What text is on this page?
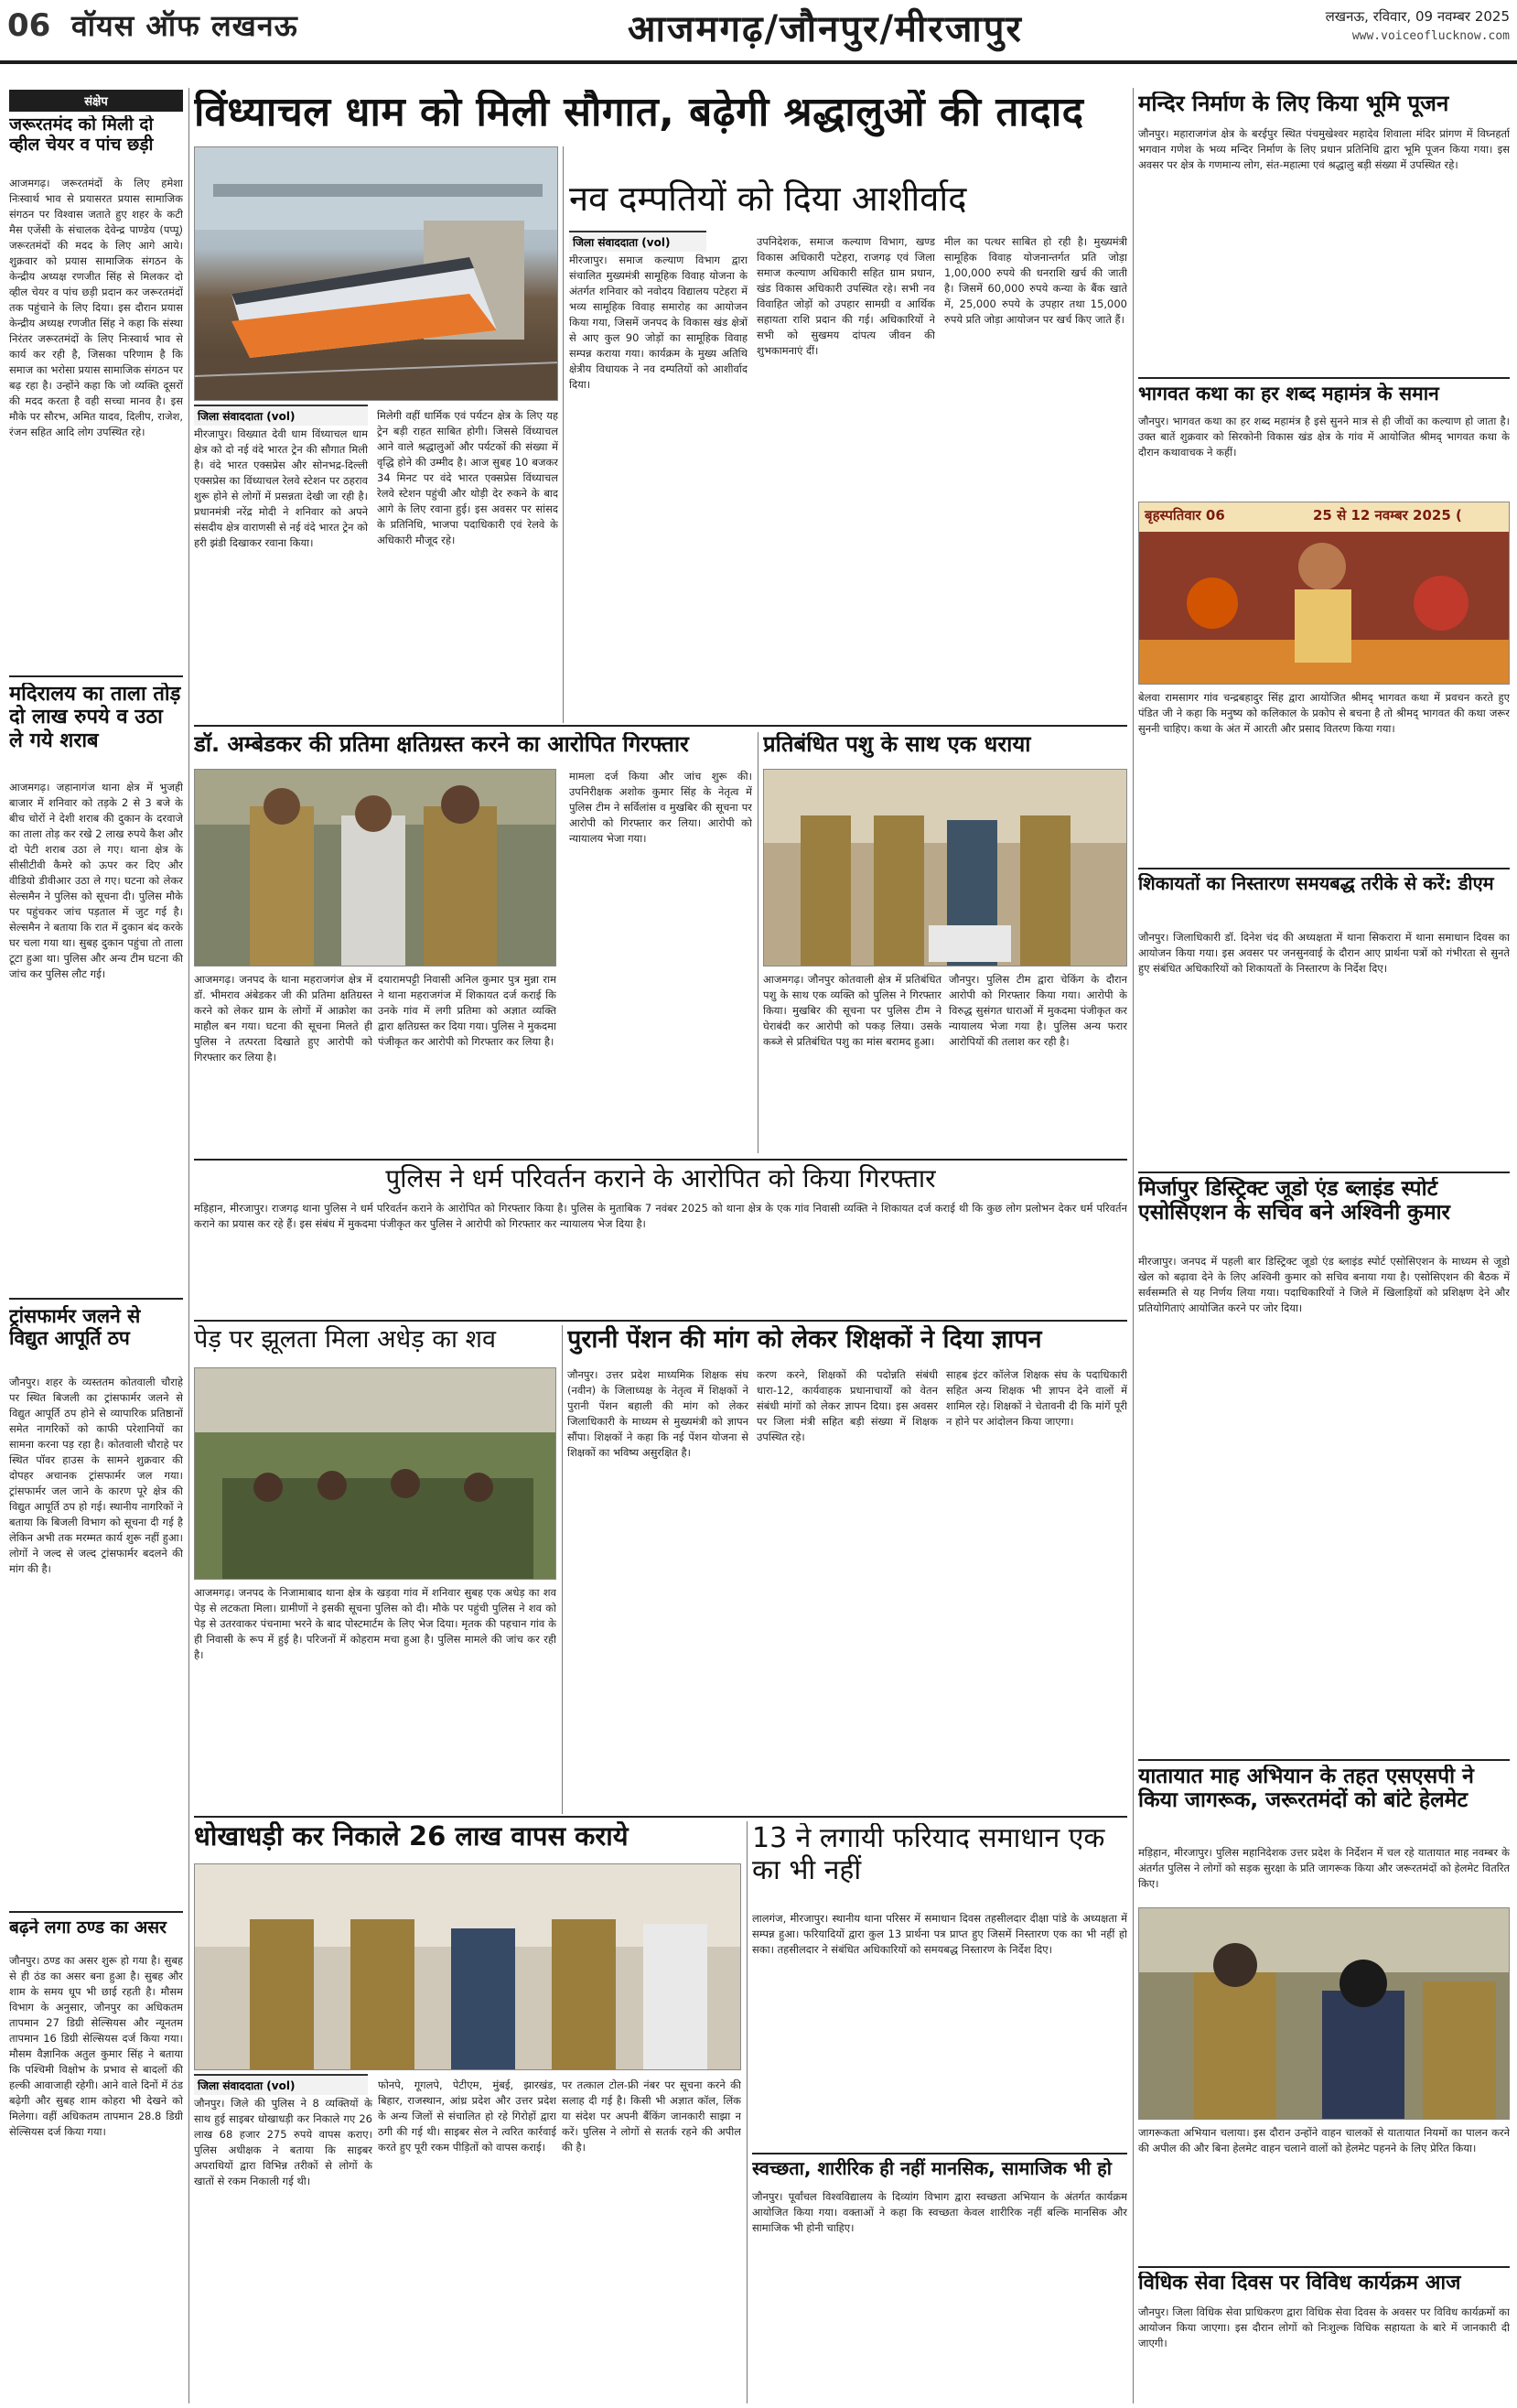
06 वॉयस ऑफ लखनऊ	आजमगढ़/जौनपुर/मीरजापुर	लखनऊ, रविवार, 09 नवम्बर 2025
www.voiceoflucknow.com
संक्षेप
जरूरतमंद को मिली दो व्हील चेयर व पांच छड़ी
आजमगढ़। जरूरतमंदों के लिए हमेशा निःस्वार्थ भाव से प्रयासरत प्रयास सामाजिक संगठन पर विश्वास जताते हुए शहर के कटी मैस एजेंसी के संचालक देवेन्द्र पाण्डेय (पप्पू) जरूरतमंदों की मदद के लिए आगे आये। शुक्रवार को प्रयास सामाजिक संगठन के केन्द्रीय अध्यक्ष रणजीत सिंह से मिलकर दो व्हील चेयर व पांच छड़ी प्रदान कर जरूरतमंदों तक पहुंचाने के लिए दिया। इस दौरान प्रयास केन्द्रीय अध्यक्ष रणजीत सिंह ने कहा कि संस्था निरंतर जरूरतमंदों के लिए निःस्वार्थ भाव से कार्य कर रही है, जिसका परिणाम है कि समाज का भरोसा प्रयास सामाजिक संगठन पर बढ़ रहा है। उन्होंने कहा कि जो व्यक्ति दूसरों की मदद करता है वही सच्चा मानव है। इस मौके पर सौरभ, अमित यादव, दिलीप, राजेश, रंजन सहित आदि लोग उपस्थित रहे।
मदिरालय का ताला तोड़ दो लाख रुपये व उठा ले गये शराब
आजमगढ़। जहानागंज थाना क्षेत्र में भुजही बाजार में शनिवार को तड़के 2 से 3 बजे के बीच चोरों ने देशी शराब की दुकान के दरवाजे का ताला तोड़ कर रखे 2 लाख रुपये कैश और दो पेटी शराब उठा ले गए। थाना क्षेत्र के सीसीटीवी कैमरे को ऊपर कर दिए और वीडियो डीवीआर उठा ले गए। घटना को लेकर सेल्समैन ने पुलिस को सूचना दी। पुलिस मौके पर पहुंचकर जांच पड़ताल में जुट गई है। सेल्समैन ने बताया कि रात में दुकान बंद करके घर चला गया था। सुबह दुकान पहुंचा तो ताला टूटा हुआ था। पुलिस और अन्य टीम घटना की जांच कर पुलिस लौट गई।
ट्रांसफार्मर जलने से विद्युत आपूर्ति ठप
जौनपुर। शहर के व्यस्ततम कोतवाली चौराहे पर स्थित बिजली का ट्रांसफार्मर जलने से विद्युत आपूर्ति ठप होने से व्यापारिक प्रतिष्ठानों समेत नागरिकों को काफी परेशानियों का सामना करना पड़ रहा है। कोतवाली चौराहे पर स्थित पॉवर हाउस के सामने शुक्रवार की दोपहर अचानक ट्रांसफार्मर जल गया। ट्रांसफार्मर जल जाने के कारण पूरे क्षेत्र की विद्युत आपूर्ति ठप हो गई। स्थानीय नागरिकों ने बताया कि बिजली विभाग को सूचना दी गई है लेकिन अभी तक मरम्मत कार्य शुरू नहीं हुआ। लोगों ने जल्द से जल्द ट्रांसफार्मर बदलने की मांग की है।
बढ़ने लगा ठण्ड का असर
जौनपुर। ठण्ड का असर शुरू हो गया है। सुबह से ही ठंड का असर बना हुआ है। सुबह और शाम के समय धूप भी छाई रहती है। मौसम विभाग के अनुसार, जौनपुर का अधिकतम तापमान 27 डिग्री सेल्सियस और न्यूनतम तापमान 16 डिग्री सेल्सियस दर्ज किया गया। मौसम वैज्ञानिक अतुल कुमार सिंह ने बताया कि पश्चिमी विक्षोभ के प्रभाव से बादलों की हल्की आवाजाही रहेगी। आने वाले दिनों में ठंड बढ़ेगी और सुबह शाम कोहरा भी देखने को मिलेगा। वहीं अधिकतम तापमान 28.8 डिग्री सेल्सियस दर्ज किया गया।
विंध्याचल धाम को मिली सौगात, बढ़ेगी श्रद्धालुओं की तादाद
जिला संवाददाता (vol)
मीरजापुर। विख्यात देवी धाम विंध्याचल धाम क्षेत्र को दो नई वंदे भारत ट्रेन की सौगात मिली है। वंदे भारत एक्सप्रेस और सोनभद्र-दिल्ली एक्सप्रेस का विंध्याचल रेलवे स्टेशन पर ठहराव शुरू होने से लोगों में प्रसन्नता देखी जा रही है। प्रधानमंत्री नरेंद्र मोदी ने शनिवार को अपने संसदीय क्षेत्र वाराणसी से नई वंदे भारत ट्रेन को हरी झंडी दिखाकर रवाना किया।
मिलेगी वहीं धार्मिक एवं पर्यटन क्षेत्र के लिए यह ट्रेन बड़ी राहत साबित होगी। जिससे विंध्याचल आने वाले श्रद्धालुओं और पर्यटकों की संख्या में वृद्धि होने की उम्मीद है। आज सुबह 10 बजकर 34 मिनट पर वंदे भारत एक्सप्रेस विंध्याचल रेलवे स्टेशन पहुंची और थोड़ी देर रुकने के बाद आगे के लिए रवाना हुई। इस अवसर पर सांसद के प्रतिनिधि, भाजपा पदाधिकारी एवं रेलवे के अधिकारी मौजूद रहे।
नव दम्पतियों को दिया आशीर्वाद
जिला संवाददाता (vol)
मीरजापुर। समाज कल्याण विभाग द्वारा संचालित मुख्यमंत्री सामूहिक विवाह योजना के अंतर्गत शनिवार को नवोदय विद्यालय पटेहरा में भव्य सामूहिक विवाह समारोह का आयोजन किया गया, जिसमें जनपद के विकास खंड क्षेत्रों से आए कुल 90 जोड़ों का सामूहिक विवाह सम्पन्न कराया गया। कार्यक्रम के मुख्य अतिथि क्षेत्रीय विधायक ने नव दम्पतियों को आशीर्वाद दिया।
उपनिदेशक, समाज कल्याण विभाग, खण्ड विकास अधिकारी पटेहरा, राजगढ़ एवं जिला समाज कल्याण अधिकारी सहित ग्राम प्रधान, खंड विकास अधिकारी उपस्थित रहे। सभी नव विवाहित जोड़ों को उपहार सामग्री व आर्थिक सहायता राशि प्रदान की गई। अधिकारियों ने सभी को सुखमय दांपत्य जीवन की शुभकामनाएं दीं।
मील का पत्थर साबित हो रही है। मुख्यमंत्री सामूहिक विवाह योजनान्तर्गत प्रति जोड़ा 1,00,000 रुपये की धनराशि खर्च की जाती है। जिसमें 60,000 रुपये कन्या के बैंक खाते में, 25,000 रुपये के उपहार तथा 15,000 रुपये प्रति जोड़ा आयोजन पर खर्च किए जाते हैं।
डॉ. अम्बेडकर की प्रतिमा क्षतिग्रस्त करने का आरोपित गिरफ्तार
आजमगढ़। जनपद के थाना महराजगंज क्षेत्र में डॉ. भीमराव अंबेडकर जी की प्रतिमा क्षतिग्रस्त करने को लेकर ग्राम के लोगों में आक्रोश का माहौल बन गया। घटना की सूचना मिलते ही पुलिस ने तत्परता दिखाते हुए आरोपी को गिरफ्तार कर लिया है।
दयारामपट्टी निवासी अनिल कुमार पुत्र मुन्ना राम ने थाना महराजगंज में शिकायत दर्ज कराई कि उनके गांव में लगी प्रतिमा को अज्ञात व्यक्ति द्वारा क्षतिग्रस्त कर दिया गया। पुलिस ने मुकदमा पंजीकृत कर आरोपी को गिरफ्तार कर लिया है।
मामला दर्ज किया और जांच शुरू की। उपनिरीक्षक अशोक कुमार सिंह के नेतृत्व में पुलिस टीम ने सर्विलांस व मुखबिर की सूचना पर आरोपी को गिरफ्तार कर लिया। आरोपी को न्यायालय भेजा गया।
प्रतिबंधित पशु के साथ एक धराया
आजमगढ़। जौनपुर कोतवाली क्षेत्र में प्रतिबंधित पशु के साथ एक व्यक्ति को पुलिस ने गिरफ्तार किया। मुखबिर की सूचना पर पुलिस टीम ने घेराबंदी कर आरोपी को पकड़ लिया। उसके कब्जे से प्रतिबंधित पशु का मांस बरामद हुआ।
जौनपुर। पुलिस टीम द्वारा चेकिंग के दौरान आरोपी को गिरफ्तार किया गया। आरोपी के विरुद्ध सुसंगत धाराओं में मुकदमा पंजीकृत कर न्यायालय भेजा गया है। पुलिस अन्य फरार आरोपियों की तलाश कर रही है।
पुलिस ने धर्म परिवर्तन कराने के आरोपित को किया गिरफ्तार
मड़िहान, मीरजापुर। राजगढ़ थाना पुलिस ने धर्म परिवर्तन कराने के आरोपित को गिरफ्तार किया है। पुलिस के मुताबिक 7 नवंबर 2025 को थाना क्षेत्र के एक गांव निवासी व्यक्ति ने शिकायत दर्ज कराई थी कि कुछ लोग प्रलोभन देकर धर्म परिवर्तन कराने का प्रयास कर रहे हैं। इस संबंध में मुकदमा पंजीकृत कर पुलिस ने आरोपी को गिरफ्तार कर न्यायालय भेज दिया है।
पेड़ पर झूलता मिला अधेड़ का शव
आजमगढ़। जनपद के निजामाबाद थाना क्षेत्र के खड़वा गांव में शनिवार सुबह एक अधेड़ का शव पेड़ से लटकता मिला। ग्रामीणों ने इसकी सूचना पुलिस को दी। मौके पर पहुंची पुलिस ने शव को पेड़ से उतरवाकर पंचनामा भरने के बाद पोस्टमार्टम के लिए भेज दिया। मृतक की पहचान गांव के ही निवासी के रूप में हुई है। परिजनों में कोहराम मचा हुआ है। पुलिस मामले की जांच कर रही है।
पुरानी पेंशन की मांग को लेकर शिक्षकों ने दिया ज्ञापन
जौनपुर। उत्तर प्रदेश माध्यमिक शिक्षक संघ (नवीन) के जिलाध्यक्ष के नेतृत्व में शिक्षकों ने पुरानी पेंशन बहाली की मांग को लेकर जिलाधिकारी के माध्यम से मुख्यमंत्री को ज्ञापन सौंपा। शिक्षकों ने कहा कि नई पेंशन योजना से शिक्षकों का भविष्य असुरक्षित है।
करण करने, शिक्षकों की पदोन्नति संबंधी धारा-12, कार्यवाहक प्रधानाचार्यों को वेतन संबंधी मांगों को लेकर ज्ञापन दिया। इस अवसर पर जिला मंत्री सहित बड़ी संख्या में शिक्षक उपस्थित रहे।
साहब इंटर कॉलेज शिक्षक संघ के पदाधिकारी सहित अन्य शिक्षक भी ज्ञापन देने वालों में शामिल रहे। शिक्षकों ने चेतावनी दी कि मांगें पूरी न होने पर आंदोलन किया जाएगा।
धोखाधड़ी कर निकाले 26 लाख वापस कराये
जिला संवाददाता (vol)
जौनपुर। जिले की पुलिस ने 8 व्यक्तियों के साथ हुई साइबर धोखाधड़ी कर निकाले गए 26 लाख 68 हजार 275 रुपये वापस कराए। पुलिस अधीक्षक ने बताया कि साइबर अपराधियों द्वारा विभिन्न तरीकों से लोगों के खातों से रकम निकाली गई थी।
फोनपे, गूगलपे, पेटीएम, मुंबई, झारखंड, बिहार, राजस्थान, आंध्र प्रदेश और उत्तर प्रदेश के अन्य जिलों से संचालित हो रहे गिरोहों द्वारा ठगी की गई थी। साइबर सेल ने त्वरित कार्रवाई करते हुए पूरी रकम पीड़ितों को वापस कराई।
पर तत्काल टोल-फ्री नंबर पर सूचना करने की सलाह दी गई है। किसी भी अज्ञात कॉल, लिंक या संदेश पर अपनी बैंकिंग जानकारी साझा न करें। पुलिस ने लोगों से सतर्क रहने की अपील की है।
13 ने लगायी फरियाद समाधान एक का भी नहीं
लालगंज, मीरजापुर। स्थानीय थाना परिसर में समाधान दिवस तहसीलदार दीक्षा पांडे के अध्यक्षता में सम्पन्न हुआ। फरियादियों द्वारा कुल 13 प्रार्थना पत्र प्राप्त हुए जिसमें निस्तारण एक का भी नहीं हो सका। तहसीलदार ने संबंधित अधिकारियों को समयबद्ध निस्तारण के निर्देश दिए।
स्वच्छता, शारीरिक ही नहीं मानसिक, सामाजिक भी हो
जौनपुर। पूर्वांचल विश्वविद्यालय के दिव्यांग विभाग द्वारा स्वच्छता अभियान के अंतर्गत कार्यक्रम आयोजित किया गया। वक्ताओं ने कहा कि स्वच्छता केवल शारीरिक नहीं बल्कि मानसिक और सामाजिक भी होनी चाहिए।
मन्दिर निर्माण के लिए किया भूमि पूजन
जौनपुर। महाराजगंज क्षेत्र के बरईपुर स्थित पंचमुखेश्वर महादेव शिवाला मंदिर प्रांगण में विघ्नहर्ता भगवान गणेश के भव्य मन्दिर निर्माण के लिए प्रधान प्रतिनिधि द्वारा भूमि पूजन किया गया। इस अवसर पर क्षेत्र के गणमान्य लोग, संत-महात्मा एवं श्रद्धालु बड़ी संख्या में उपस्थित रहे।
भागवत कथा का हर शब्द महामंत्र के समान
जौनपुर। भागवत कथा का हर शब्द महामंत्र है इसे सुनने मात्र से ही जीवों का कल्याण हो जाता है। उक्त बातें शुक्रवार को सिरकोनी विकास खंड क्षेत्र के गांव में आयोजित श्रीमद् भागवत कथा के दौरान कथावाचक ने कहीं।
बृहस्पतिवार 06	25 से 12 नवम्बर 2025 (
बेलवा रामसागर गांव चन्द्रबहादुर सिंह द्वारा आयोजित श्रीमद् भागवत कथा में प्रवचन करते हुए पंडित जी ने कहा कि मनुष्य को कलिकाल के प्रकोप से बचना है तो श्रीमद् भागवत की कथा जरूर सुननी चाहिए। कथा के अंत में आरती और प्रसाद वितरण किया गया।
शिकायतों का निस्तारण समयबद्ध तरीके से करें: डीएम
जौनपुर। जिलाधिकारी डॉ. दिनेश चंद की अध्यक्षता में थाना सिकरारा में थाना समाधान दिवस का आयोजन किया गया। इस अवसर पर जनसुनवाई के दौरान आए प्रार्थना पत्रों को गंभीरता से सुनते हुए संबंधित अधिकारियों को शिकायतों के निस्तारण के निर्देश दिए।
मिर्जापुर डिस्ट्रिक्ट जूडो एंड ब्लाइंड स्पोर्ट एसोसिएशन के सचिव बने अश्विनी कुमार
मीरजापुर। जनपद में पहली बार डिस्ट्रिक्ट जूडो एंड ब्लाइंड स्पोर्ट एसोसिएशन के माध्यम से जूडो खेल को बढ़ावा देने के लिए अश्विनी कुमार को सचिव बनाया गया है। एसोसिएशन की बैठक में सर्वसम्मति से यह निर्णय लिया गया। पदाधिकारियों ने जिले में खिलाड़ियों को प्रशिक्षण देने और प्रतियोगिताएं आयोजित करने पर जोर दिया।
यातायात माह अभियान के तहत एसएसपी ने किया जागरूक, जरूरतमंदों को बांटे हेलमेट
मड़िहान, मीरजापुर। पुलिस महानिदेशक उत्तर प्रदेश के निर्देशन में चल रहे यातायात माह नवम्बर के अंतर्गत पुलिस ने लोगों को सड़क सुरक्षा के प्रति जागरूक किया और जरूरतमंदों को हेलमेट वितरित किए।
जागरूकता अभियान चलाया। इस दौरान उन्होंने वाहन चालकों से यातायात नियमों का पालन करने की अपील की और बिना हेलमेट वाहन चलाने वालों को हेलमेट पहनने के लिए प्रेरित किया।
विधिक सेवा दिवस पर विविध कार्यक्रम आज
जौनपुर। जिला विधिक सेवा प्राधिकरण द्वारा विधिक सेवा दिवस के अवसर पर विविध कार्यक्रमों का आयोजन किया जाएगा। इस दौरान लोगों को निःशुल्क विधिक सहायता के बारे में जानकारी दी जाएगी।
